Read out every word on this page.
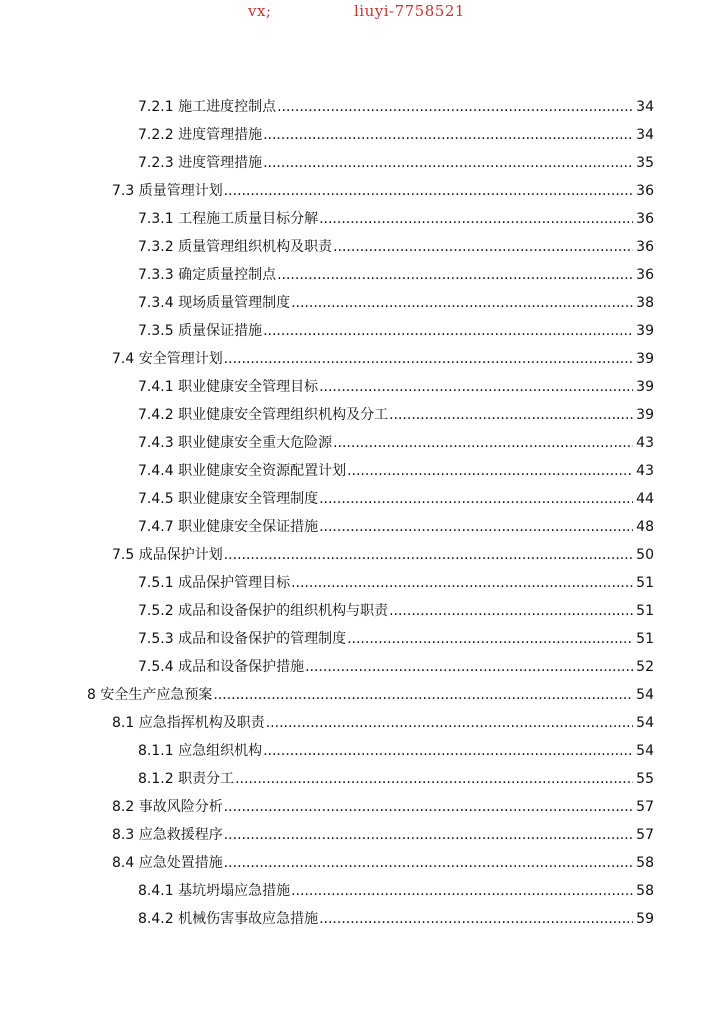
vx;	liuyi-7758521
7.2.1 施工进度控制点 .....	34
7.2.2 进度管理措施 .....	34
7.2.3 进度管理措施 .....	35
7.3 质量管理计划 .....	36
7.3.1 工程施工质量目标分解 .....	36
7.3.2 质量管理组织机构及职责 .....	36
7.3.3 确定质量控制点 .....	36
7.3.4 现场质量管理制度 .....	38
7.3.5 质量保证措施 .....	39
7.4 安全管理计划 .....	39
7.4.1 职业健康安全管理目标 .....	39
7.4.2 职业健康安全管理组织机构及分工 .....	39
7.4.3 职业健康安全重大危险源 .....	43
7.4.4 职业健康安全资源配置计划 .....	43
7.4.5 职业健康安全管理制度 .....	44
7.4.7 职业健康安全保证措施 .....	48
7.5 成品保护计划 .....	50
7.5.1 成品保护管理目标 .....	51
7.5.2 成品和设备保护的组织机构与职责 .....	51
7.5.3 成品和设备保护的管理制度 .....	51
7.5.4 成品和设备保护措施 .....	52
8 安全生产应急预案 .....	54
8.1 应急指挥机构及职责 .....	54
8.1.1 应急组织机构 .....	54
8.1.2 职责分工 .....	55
8.2 事故风险分析 .....	57
8.3 应急救援程序 .....	57
8.4 应急处置措施 .....	58
8.4.1 基坑坍塌应急措施 .....	58
8.4.2 机械伤害事故应急措施 .....	59
